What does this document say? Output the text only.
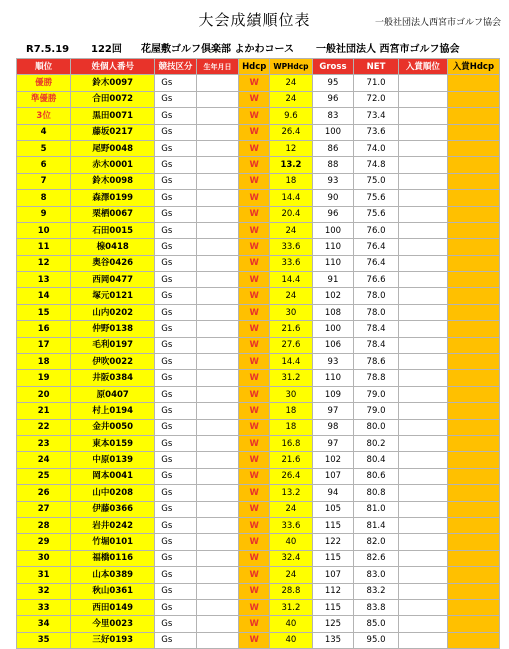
大会成績順位表	一般社団法人西宮市ゴルフ協会
R7.5.19 122回 花屋敷ゴルフ倶楽部 よかわコース 一般社団法人 西宮市ゴルフ協会
順位	姓個人番号	競技区分	生年月日	Hdcp	WPHdcp	Gross	NET	入賞順位	入賞Hdcp
優勝	鈴木0097	Gs		W	24	95	71.0		
準優勝	合田0072	Gs		W	24	96	72.0		
3位	黒田0071	Gs		W	9.6	83	73.4		
4	藤坂0217	Gs		W	26.4	100	73.6		
5	尾野0048	Gs		W	12	86	74.0		
6	赤木0001	Gs		W	13.2	88	74.8		
7	鈴木0098	Gs		W	18	93	75.0		
8	森澤0199	Gs		W	14.4	90	75.6		
9	栗栖0067	Gs		W	20.4	96	75.6		
10	石田0015	Gs		W	24	100	76.0		
11	楾0418	Gs		W	33.6	110	76.4		
12	奥谷0426	Gs		W	33.6	110	76.4		
13	西岡0477	Gs		W	14.4	91	76.6		
14	塚元0121	Gs		W	24	102	78.0		
15	山内0202	Gs		W	30	108	78.0		
16	仲野0138	Gs		W	21.6	100	78.4		
17	毛利0197	Gs		W	27.6	106	78.4		
18	伊吹0022	Gs		W	14.4	93	78.6		
19	井阪0384	Gs		W	31.2	110	78.8		
20	原0407	Gs		W	30	109	79.0		
21	村上0194	Gs		W	18	97	79.0		
22	金井0050	Gs		W	18	98	80.0		
23	東本0159	Gs		W	16.8	97	80.2		
24	中原0139	Gs		W	21.6	102	80.4		
25	岡本0041	Gs		W	26.4	107	80.6		
26	山中0208	Gs		W	13.2	94	80.8		
27	伊藤0366	Gs		W	24	105	81.0		
28	岩井0242	Gs		W	33.6	115	81.4		
29	竹堀0101	Gs		W	40	122	82.0		
30	福橋0116	Gs		W	32.4	115	82.6		
31	山本0389	Gs		W	24	107	83.0		
32	秋山0361	Gs		W	28.8	112	83.2		
33	西田0149	Gs		W	31.2	115	83.8		
34	今里0023	Gs		W	40	125	85.0		
35	三好0193	Gs		W	40	135	95.0		
